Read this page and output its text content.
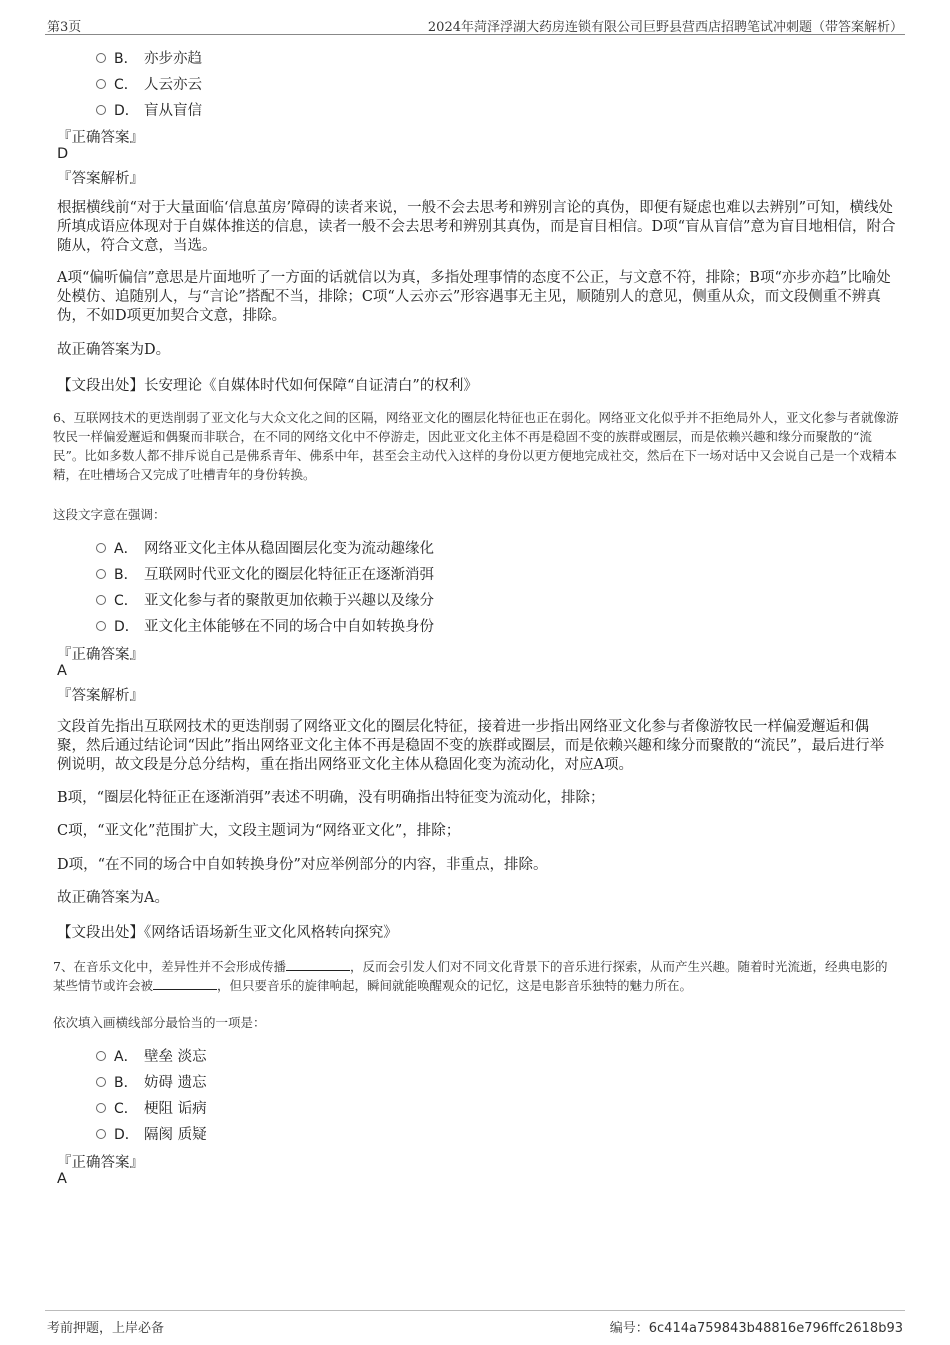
第3页	2024年菏泽浮湖大药房连锁有限公司巨野县营西店招聘笔试冲刺题（带答案解析）
B． 亦步亦趋
C． 人云亦云
D． 盲从盲信
『正确答案』
D
『答案解析』
根据横线前“对于大量面临‘信息茧房’障碍的读者来说，一般不会去思考和辨别言论的真伪，即便有疑虑也难以去辨别”可知，横线处所填成语应体现对于自媒体推送的信息，读者一般不会去思考和辨别其真伪，而是盲目相信。D项“盲从盲信”意为盲目地相信，附合随从，符合文意，当选。
A项“偏听偏信”意思是片面地听了一方面的话就信以为真，多指处理事情的态度不公正，与文意不符，排除；B项“亦步亦趋”比喻处处模仿、追随别人，与“言论”搭配不当，排除；C项“人云亦云”形容遇事无主见，顺随别人的意见，侧重从众，而文段侧重不辨真伪，不如D项更加契合文意，排除。
故正确答案为D。
【文段出处】长安理论《自媒体时代如何保障“自证清白”的权利》
6、互联网技术的更迭削弱了亚文化与大众文化之间的区隔，网络亚文化的圈层化特征也正在弱化。网络亚文化似乎并不拒绝局外人，亚文化参与者就像游牧民一样偏爱邂逅和偶聚而非联合，在不同的网络文化中不停游走，因此亚文化主体不再是稳固不变的族群或圈层，而是依赖兴趣和缘分而聚散的“流民”。比如多数人都不排斥说自己是佛系青年、佛系中年，甚至会主动代入这样的身份以更方便地完成社交，然后在下一场对话中又会说自己是一个戏精本精，在吐槽场合又完成了吐槽青年的身份转换。
这段文字意在强调：
A． 网络亚文化主体从稳固圈层化变为流动趣缘化
B． 互联网时代亚文化的圈层化特征正在逐渐消弭
C． 亚文化参与者的聚散更加依赖于兴趣以及缘分
D． 亚文化主体能够在不同的场合中自如转换身份
『正确答案』
A
『答案解析』
文段首先指出互联网技术的更迭削弱了网络亚文化的圈层化特征，接着进一步指出网络亚文化参与者像游牧民一样偏爱邂逅和偶聚，然后通过结论词“因此”指出网络亚文化主体不再是稳固不变的族群或圈层，而是依赖兴趣和缘分而聚散的“流民”，最后进行举例说明，故文段是分总分结构，重在指出网络亚文化主体从稳固化变为流动化，对应A项。
B项，“圈层化特征正在逐渐消弭”表述不明确，没有明确指出特征变为流动化，排除；
C项，“亚文化”范围扩大，文段主题词为“网络亚文化”，排除；
D项，“在不同的场合中自如转换身份”对应举例部分的内容，非重点，排除。
故正确答案为A。
【文段出处】《网络话语场新生亚文化风格转向探究》
7、在音乐文化中，差异性并不会形成传播	，反而会引发人们对不同文化背景下的音乐进行探索，从而产生兴趣。随着时光流逝，经典电影的某些情节或许会被	，但只要音乐的旋律响起，瞬间就能唤醒观众的记忆，这是电影音乐独特的魅力所在。
依次填入画横线部分最恰当的一项是：
A． 壁垒 淡忘
B． 妨碍 遗忘
C． 梗阻 诟病
D． 隔阂 质疑
『正确答案』
A
考前押题，上岸必备	编号：6c414a759843b48816e796ffc2618b93
